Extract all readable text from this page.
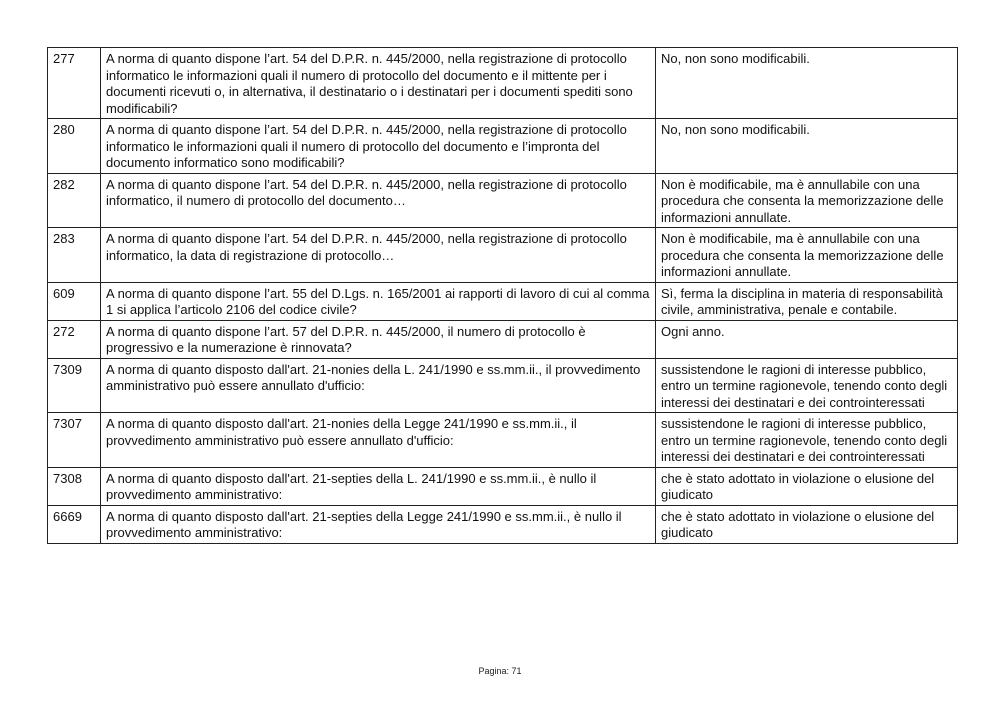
277	A norma di quanto dispone l’art. 54 del D.P.R. n. 445/2000, nella registrazione di protocollo informatico le informazioni quali il numero di protocollo del documento e il mittente per i documenti ricevuti o, in alternativa, il destinatario o i destinatari per i documenti spediti sono modificabili?	No, non sono modificabili.
280	A norma di quanto dispone l’art. 54 del D.P.R. n. 445/2000, nella registrazione di protocollo informatico le informazioni quali il numero di protocollo del documento e l’impronta del documento informatico sono modificabili?	No, non sono modificabili.
282	A norma di quanto dispone l’art. 54 del D.P.R. n. 445/2000, nella registrazione di protocollo informatico, il numero di protocollo del documento…	Non è modificabile, ma è annullabile con una procedura che consenta la memorizzazione delle informazioni annullate.
283	A norma di quanto dispone l’art. 54 del D.P.R. n. 445/2000, nella registrazione di protocollo informatico, la data di registrazione di protocollo…	Non è modificabile, ma è annullabile con una procedura che consenta la memorizzazione delle informazioni annullate.
609	A norma di quanto dispone l’art. 55 del D.Lgs. n. 165/2001 ai rapporti di lavoro di cui al comma 1 si applica l’articolo 2106 del codice civile?	Sì, ferma la disciplina in materia di responsabilità civile, amministrativa, penale e contabile.
272	A norma di quanto dispone l’art. 57 del D.P.R. n. 445/2000, il numero di protocollo è progressivo e la numerazione è rinnovata?	Ogni anno.
7309	A norma di quanto disposto dall'art. 21-nonies della L. 241/1990 e ss.mm.ii., il provvedimento amministrativo può essere annullato d'ufficio:	sussistendone le ragioni di interesse pubblico, entro un termine ragionevole, tenendo conto degli interessi dei destinatari e dei controinteressati
7307	A norma di quanto disposto dall'art. 21-nonies della Legge 241/1990 e ss.mm.ii., il provvedimento amministrativo può essere annullato d'ufficio:	sussistendone le ragioni di interesse pubblico, entro un termine ragionevole, tenendo conto degli interessi dei destinatari e dei controinteressati
7308	A norma di quanto disposto dall'art. 21-septies della L. 241/1990 e ss.mm.ii., è nullo il provvedimento amministrativo:	che è stato adottato in violazione o elusione del giudicato
6669	A norma di quanto disposto dall'art. 21-septies della Legge 241/1990 e ss.mm.ii., è nullo il provvedimento amministrativo:	che è stato adottato in violazione o elusione del giudicato
Pagina: 71
